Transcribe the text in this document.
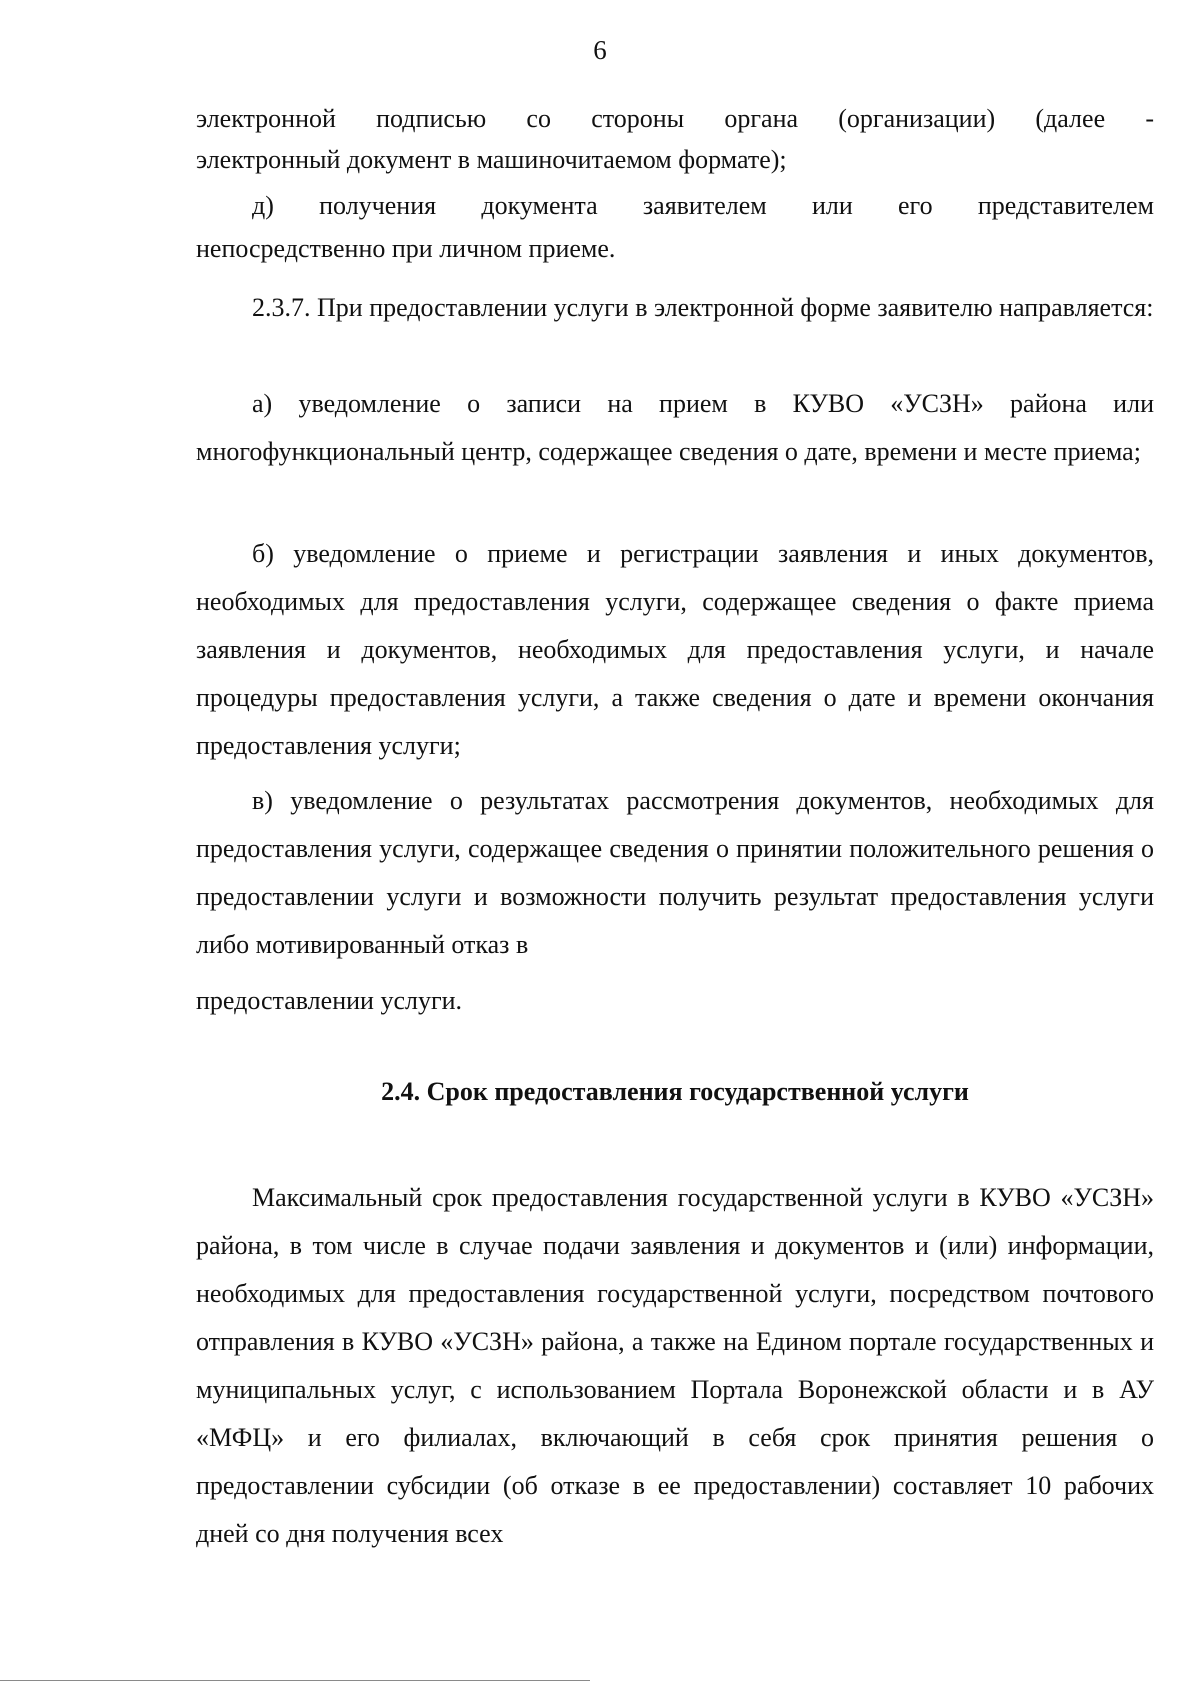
6

электронной подписью со стороны органа (организации) (далее -

электронный документ в машиночитаемом формате);

д) получения документа заявителем или его представителем

непосредственно при личном приеме.

2.3.7. При предоставлении услуги в электронной форме заявителю направляется:

а) уведомление о записи на прием в КУВО «УСЗН» района или многофункциональный центр, содержащее сведения о дате, времени и месте приема;

б) уведомление о приеме и регистрации заявления и иных документов, необходимых для предоставления услуги, содержащее сведения о факте приема заявления и документов, необходимых для предоставления услуги, и начале процедуры предоставления услуги, а также сведения о дате и времени окончания предоставления услуги;

в) уведомление о результатах рассмотрения документов, необходимых для предоставления услуги, содержащее сведения о принятии положительного решения о предоставлении услуги и возможности получить результат предоставления услуги либо мотивированный отказ в

предоставлении услуги.

2.4. Срок предоставления государственной услуги

Максимальный срок предоставления государственной услуги в КУВО «УСЗН» района, в том числе в случае подачи заявления и документов и (или) информации, необходимых для предоставления государственной услуги, посредством почтового отправления в КУВО «УСЗН» района, а также на Едином портале государственных и муниципальных услуг, с использованием Портала Воронежской области и в АУ «МФЦ» и его филиалах, включающий в себя срок принятия решения о предоставлении субсидии (об отказе в ее предоставлении) составляет 10 рабочих дней со дня получения всех
